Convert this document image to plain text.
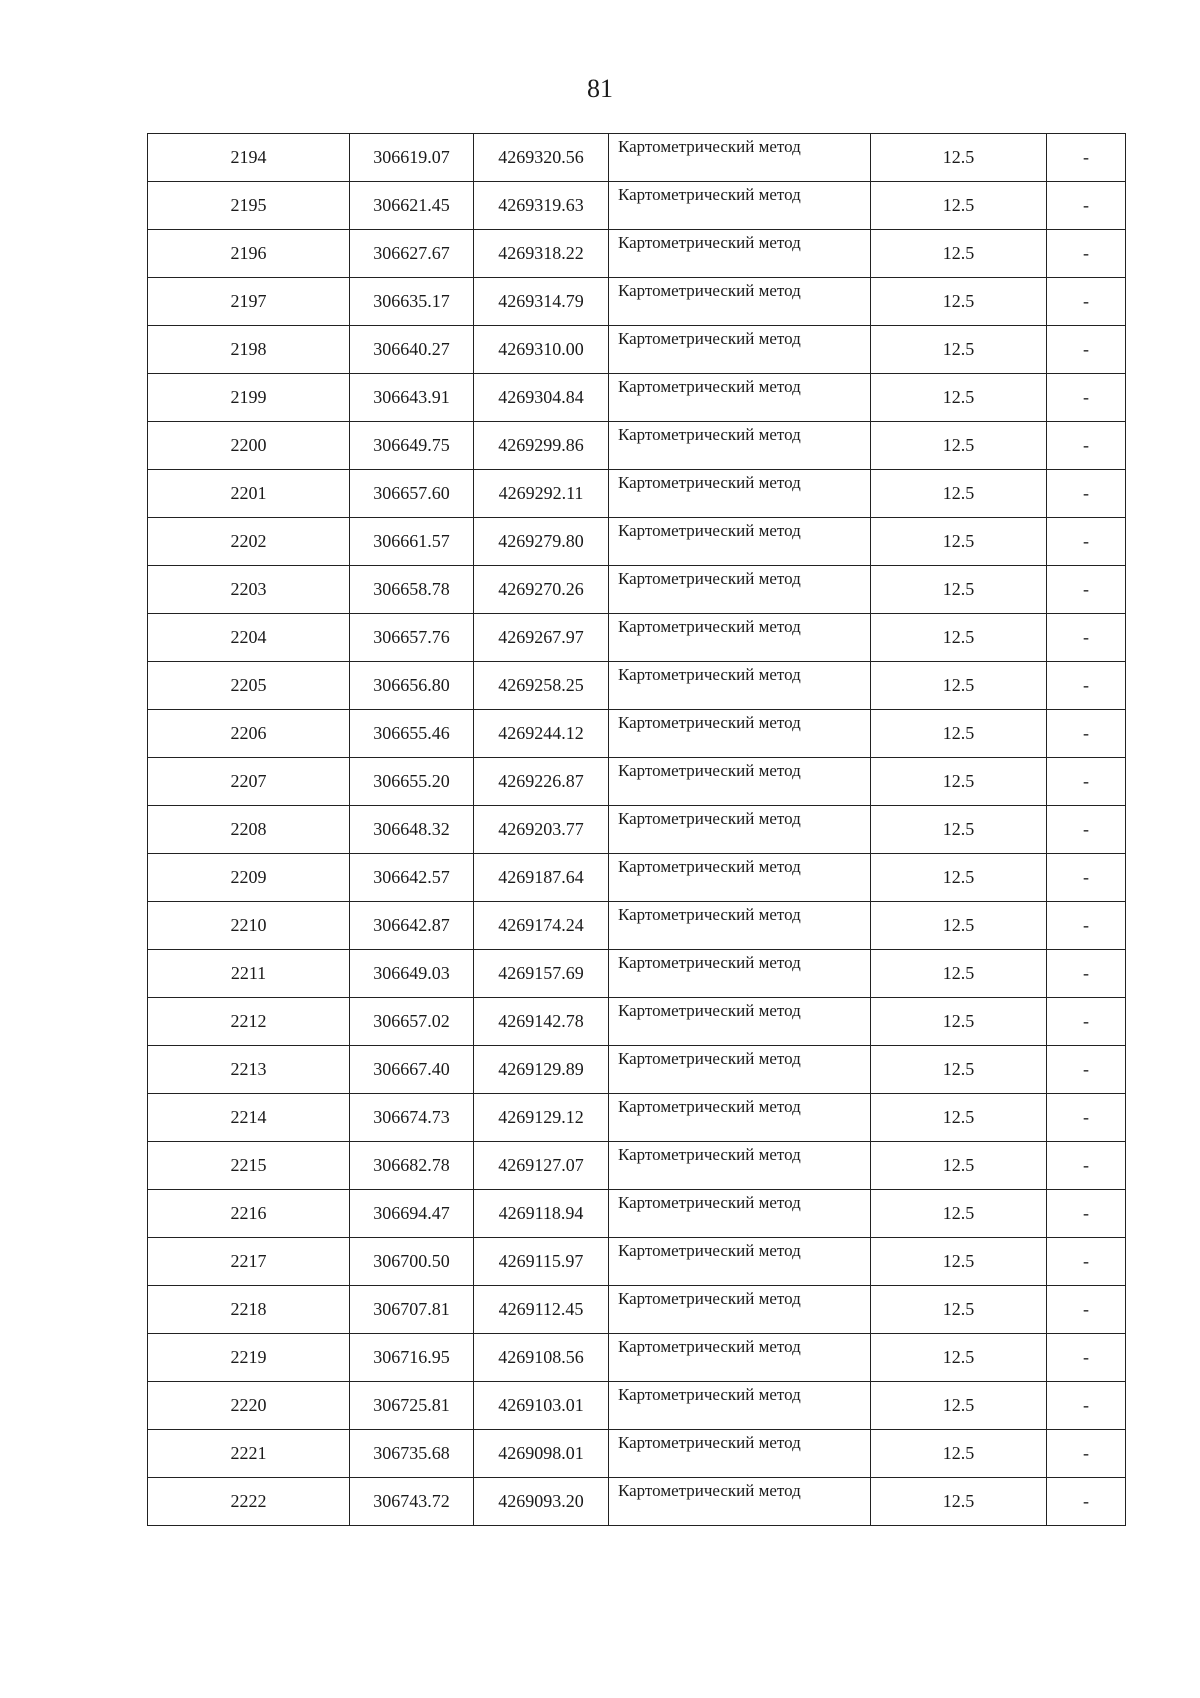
81
2194	306619.07	4269320.56	Картометрический метод	12.5	-
2195	306621.45	4269319.63	Картометрический метод	12.5	-
2196	306627.67	4269318.22	Картометрический метод	12.5	-
2197	306635.17	4269314.79	Картометрический метод	12.5	-
2198	306640.27	4269310.00	Картометрический метод	12.5	-
2199	306643.91	4269304.84	Картометрический метод	12.5	-
2200	306649.75	4269299.86	Картометрический метод	12.5	-
2201	306657.60	4269292.11	Картометрический метод	12.5	-
2202	306661.57	4269279.80	Картометрический метод	12.5	-
2203	306658.78	4269270.26	Картометрический метод	12.5	-
2204	306657.76	4269267.97	Картометрический метод	12.5	-
2205	306656.80	4269258.25	Картометрический метод	12.5	-
2206	306655.46	4269244.12	Картометрический метод	12.5	-
2207	306655.20	4269226.87	Картометрический метод	12.5	-
2208	306648.32	4269203.77	Картометрический метод	12.5	-
2209	306642.57	4269187.64	Картометрический метод	12.5	-
2210	306642.87	4269174.24	Картометрический метод	12.5	-
2211	306649.03	4269157.69	Картометрический метод	12.5	-
2212	306657.02	4269142.78	Картометрический метод	12.5	-
2213	306667.40	4269129.89	Картометрический метод	12.5	-
2214	306674.73	4269129.12	Картометрический метод	12.5	-
2215	306682.78	4269127.07	Картометрический метод	12.5	-
2216	306694.47	4269118.94	Картометрический метод	12.5	-
2217	306700.50	4269115.97	Картометрический метод	12.5	-
2218	306707.81	4269112.45	Картометрический метод	12.5	-
2219	306716.95	4269108.56	Картометрический метод	12.5	-
2220	306725.81	4269103.01	Картометрический метод	12.5	-
2221	306735.68	4269098.01	Картометрический метод	12.5	-
2222	306743.72	4269093.20	Картометрический метод	12.5	-
